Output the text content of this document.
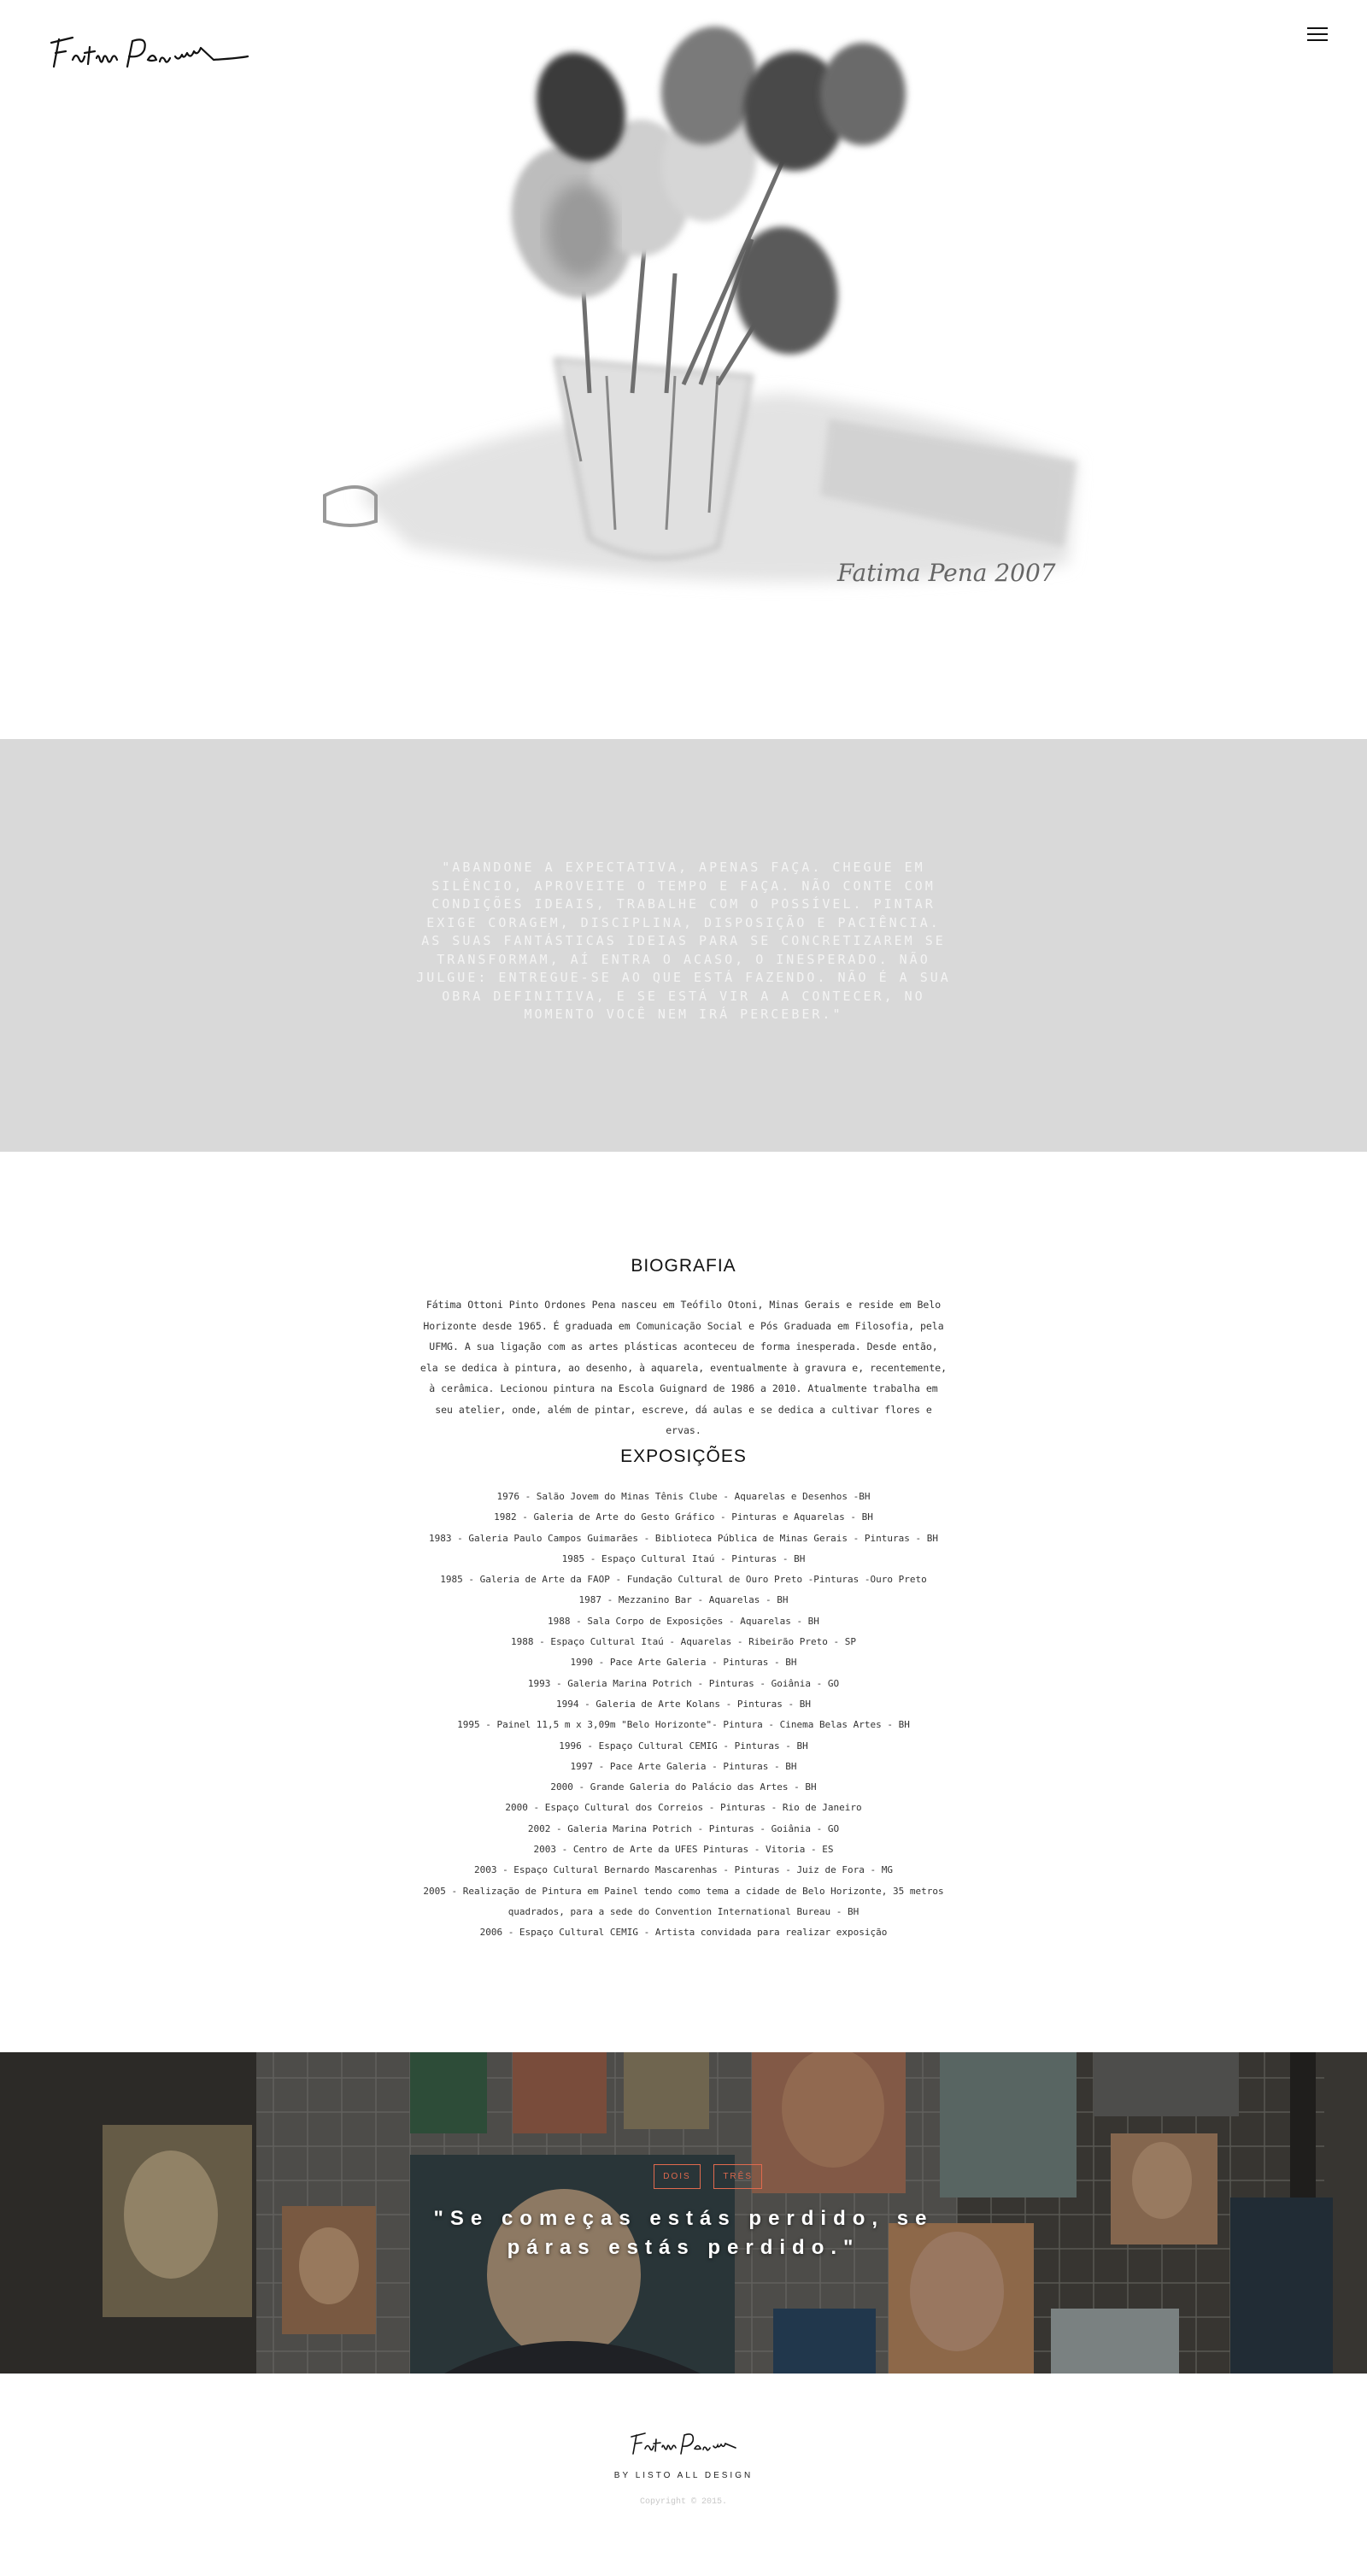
Fatima Pena 2007
"ABANDONE A EXPECTATIVA, APENAS FAÇA. CHEGUE EM SILÊNCIO, APROVEITE O TEMPO E FAÇA. NÃO CONTE COM CONDIÇÕES IDEAIS, TRABALHE COM O POSSÍVEL. PINTAR EXIGE CORAGEM, DISCIPLINA, DISPOSIÇÃO E PACIÊNCIA. AS SUAS FANTÁSTICAS IDEIAS PARA SE CONCRETIZAREM SE TRANSFORMAM, AÍ ENTRA O ACASO, O INESPERADO. NÃO JULGUE: ENTREGUE-SE AO QUE ESTÁ FAZENDO. NÃO É A SUA OBRA DEFINITIVA, E SE ESTÁ VIR A A CONTECER, NO MOMENTO VOCÊ NEM IRÁ PERCEBER."
BIOGRAFIA
Fátima Ottoni Pinto Ordones Pena nasceu em Teófilo Otoni, Minas Gerais e reside em Belo Horizonte desde 1965. É graduada em Comunicação Social e Pós Graduada em Filosofia, pela UFMG. A sua ligação com as artes plásticas aconteceu de forma inesperada. Desde então, ela se dedica à pintura, ao desenho, à aquarela, eventualmente à gravura e, recentemente, à cerâmica. Lecionou pintura na Escola Guignard de 1986 a 2010. Atualmente trabalha em seu atelier, onde, além de pintar, escreve, dá aulas e se dedica a cultivar flores e ervas.
EXPOSIÇÕES
1976 - Salão Jovem do Minas Tênis Clube - Aquarelas e Desenhos -BH
1982 - Galeria de Arte do Gesto Gráfico - Pinturas e Aquarelas - BH
1983 - Galeria Paulo Campos Guimarães - Biblioteca Pública de Minas Gerais - Pinturas - BH
1985 - Espaço Cultural Itaú - Pinturas - BH
1985 - Galeria de Arte da FAOP - Fundação Cultural de Ouro Preto -Pinturas -Ouro Preto
1987 - Mezzanino Bar - Aquarelas - BH
1988 - Sala Corpo de Exposições - Aquarelas - BH
1988 - Espaço Cultural Itaú - Aquarelas - Ribeirão Preto - SP
1990 - Pace Arte Galeria - Pinturas - BH
1993 - Galeria Marina Potrich - Pinturas - Goiânia - GO
1994 - Galeria de Arte Kolans - Pinturas - BH
1995 - Painel 11,5 m x 3,09m "Belo Horizonte"- Pintura - Cinema Belas Artes - BH
1996 - Espaço Cultural CEMIG - Pinturas - BH
1997 - Pace Arte Galeria - Pinturas - BH
2000 - Grande Galeria do Palácio das Artes - BH
2000 - Espaço Cultural dos Correios - Pinturas - Rio de Janeiro
2002 - Galeria Marina Potrich - Pinturas - Goiânia - GO
2003 - Centro de Arte da UFES Pinturas - Vitoria - ES
2003 - Espaço Cultural Bernardo Mascarenhas - Pinturas - Juiz de Fora - MG
2005 - Realização de Pintura em Painel tendo como tema a cidade de Belo Horizonte, 35 metros quadrados, para a sede do Convention International Bureau - BH
2006 - Espaço Cultural CEMIG - Artista convidada para realizar exposição
DOIS	TRÊS
"Se começas estás perdido, se páras estás perdido."
BY LISTO ALL DESIGN
Copyright © 2015.
